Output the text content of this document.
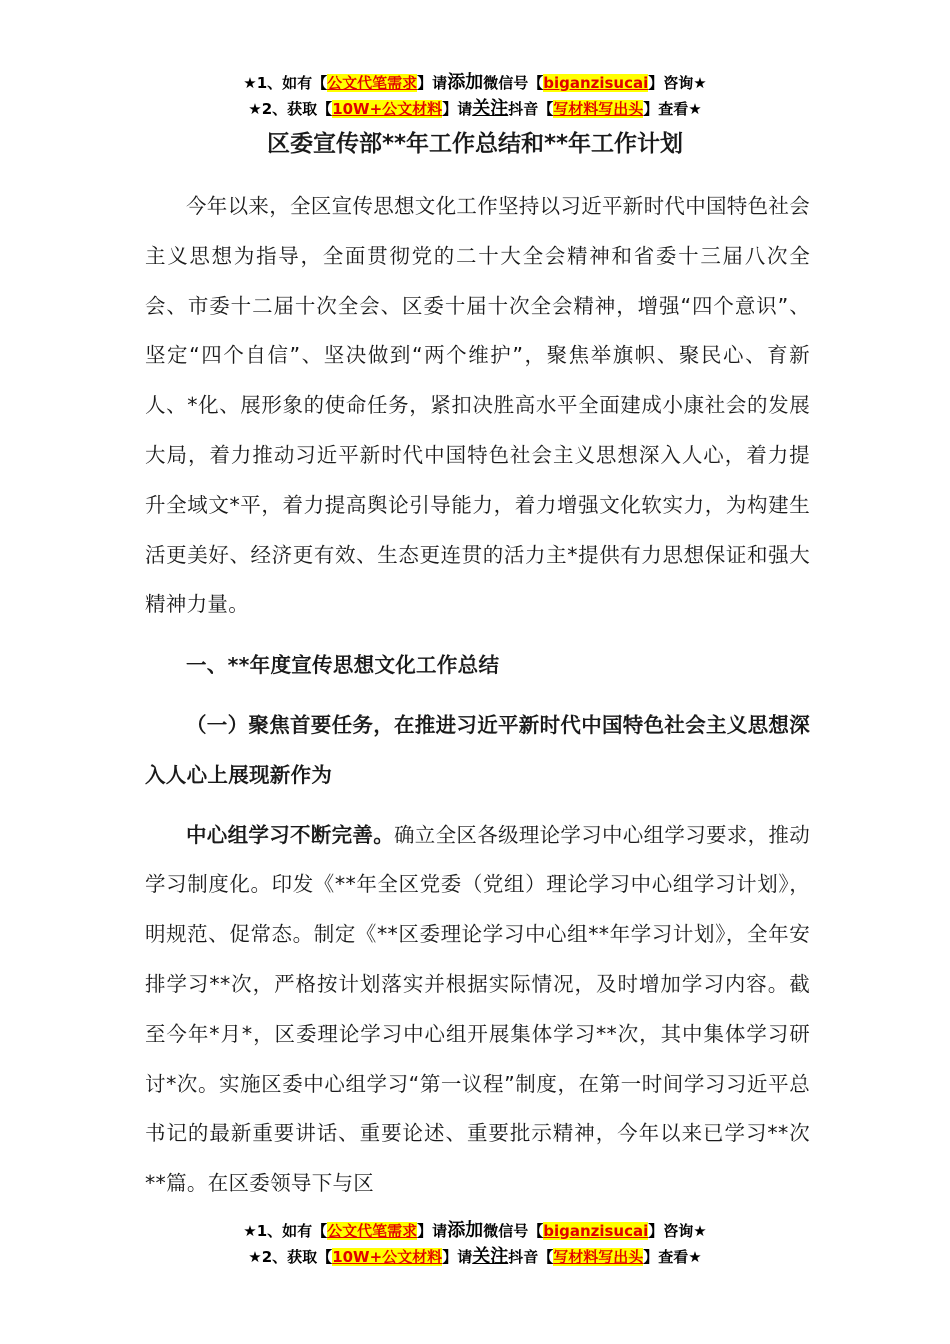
★1、如有【公文代笔需求】请添加微信号【biganzisucai】咨询★
★2、获取【10W+公文材料】请关注抖音【写材料写出头】查看★
区委宣传部**年工作总结和**年工作计划

今年以来，全区宣传思想文化工作坚持以习近平新时代中国特色社会主义思想为指导，全面贯彻党的二十大全会精神和省委十三届八次全会、市委十二届十次全会、区委十届十次全会精神，增强“四个意识”、坚定“四个自信”、坚决做到“两个维护”，聚焦举旗帜、聚民心、育新人、*化、展形象的使命任务，紧扣决胜高水平全面建成小康社会的发展大局，着力推动习近平新时代中国特色社会主义思想深入人心，着力提升全域文*平，着力提高舆论引导能力，着力增强文化软实力，为构建生活更美好、经济更有效、生态更连贯的活力主*提供有力思想保证和强大精神力量。

一、**年度宣传思想文化工作总结

（一）聚焦首要任务，在推进习近平新时代中国特色社会主义思想深入人心上展现新作为

中心组学习不断完善。确立全区各级理论学习中心组学习要求，推动学习制度化。印发《**年全区党委（党组）理论学习中心组学习计划》，明规范、促常态。制定《**区委理论学习中心组**年学习计划》，全年安排学习**次，严格按计划落实并根据实际情况，及时增加学习内容。截至今年*月*，区委理论学习中心组开展集体学习**次，其中集体学习研讨*次。实施区委中心组学习“第一议程”制度，在第一时间学习习近平总书记的最新重要讲话、重要论述、重要批示精神，今年以来已学习**次**篇。在区委领导下与区

★1、如有【公文代笔需求】请添加微信号【biganzisucai】咨询★
★2、获取【10W+公文材料】请关注抖音【写材料写出头】查看★
